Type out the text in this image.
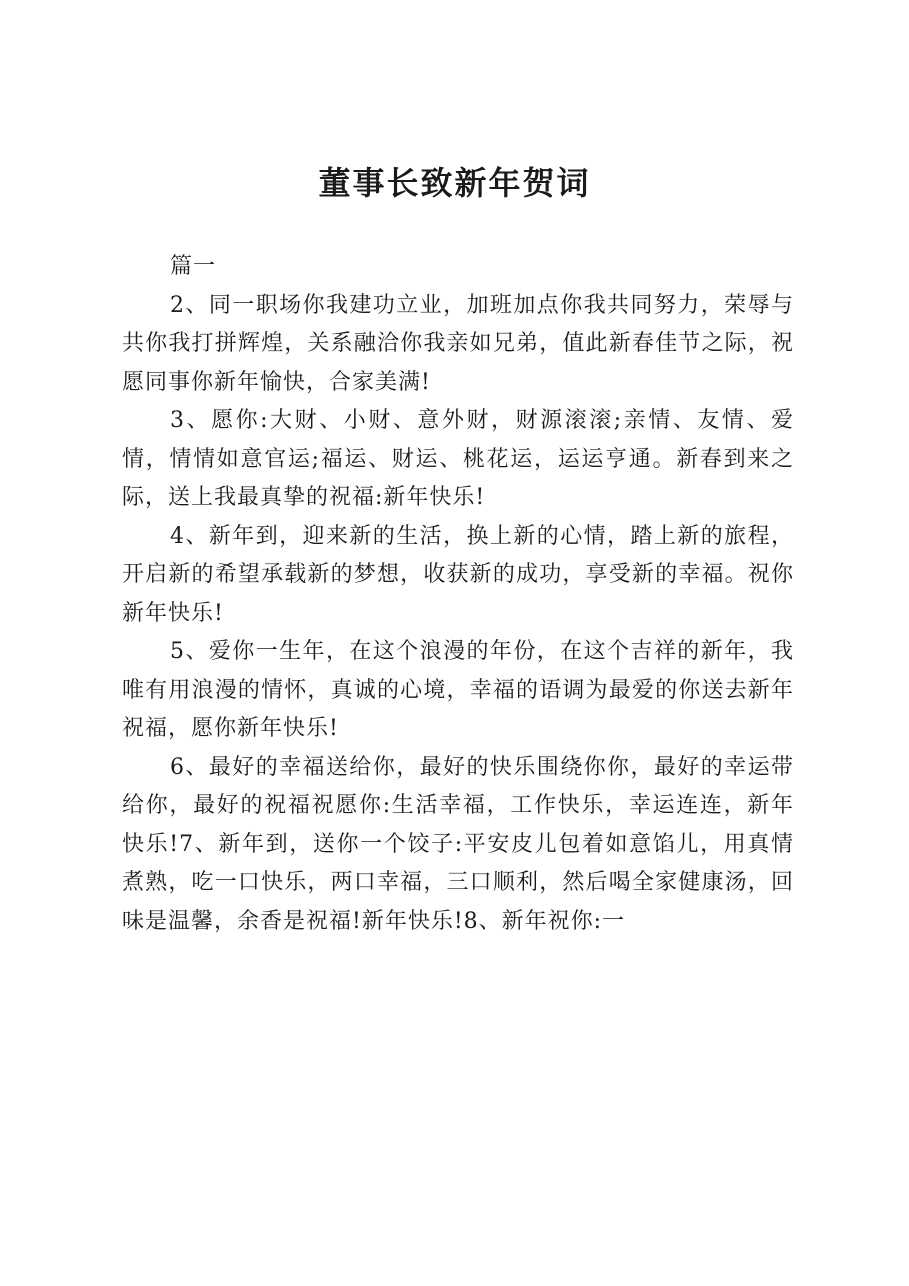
董事长致新年贺词

篇一

2、同一职场你我建功立业，加班加点你我共同努力，荣辱与共你我打拼辉煌，关系融洽你我亲如兄弟，值此新春佳节之际，祝愿同事你新年愉快，合家美满!

3、愿你:大财、小财、意外财，财源滚滚;亲情、友情、爱情，情情如意官运;福运、财运、桃花运，运运亨通。新春到来之际，送上我最真挚的祝福:新年快乐!

4、新年到，迎来新的生活，换上新的心情，踏上新的旅程，开启新的希望承载新的梦想，收获新的成功，享受新的幸福。祝你新年快乐!

5、爱你一生年，在这个浪漫的年份，在这个吉祥的新年，我唯有用浪漫的情怀，真诚的心境，幸福的语调为最爱的你送去新年祝福，愿你新年快乐!

6、最好的幸福送给你，最好的快乐围绕你你，最好的幸运带给你，最好的祝福祝愿你:生活幸福，工作快乐，幸运连连，新年快乐!7、新年到，送你一个饺子:平安皮儿包着如意馅儿，用真情煮熟，吃一口快乐，两口幸福，三口顺利，然后喝全家健康汤，回味是温馨，余香是祝福!新年快乐!8、新年祝你:一
